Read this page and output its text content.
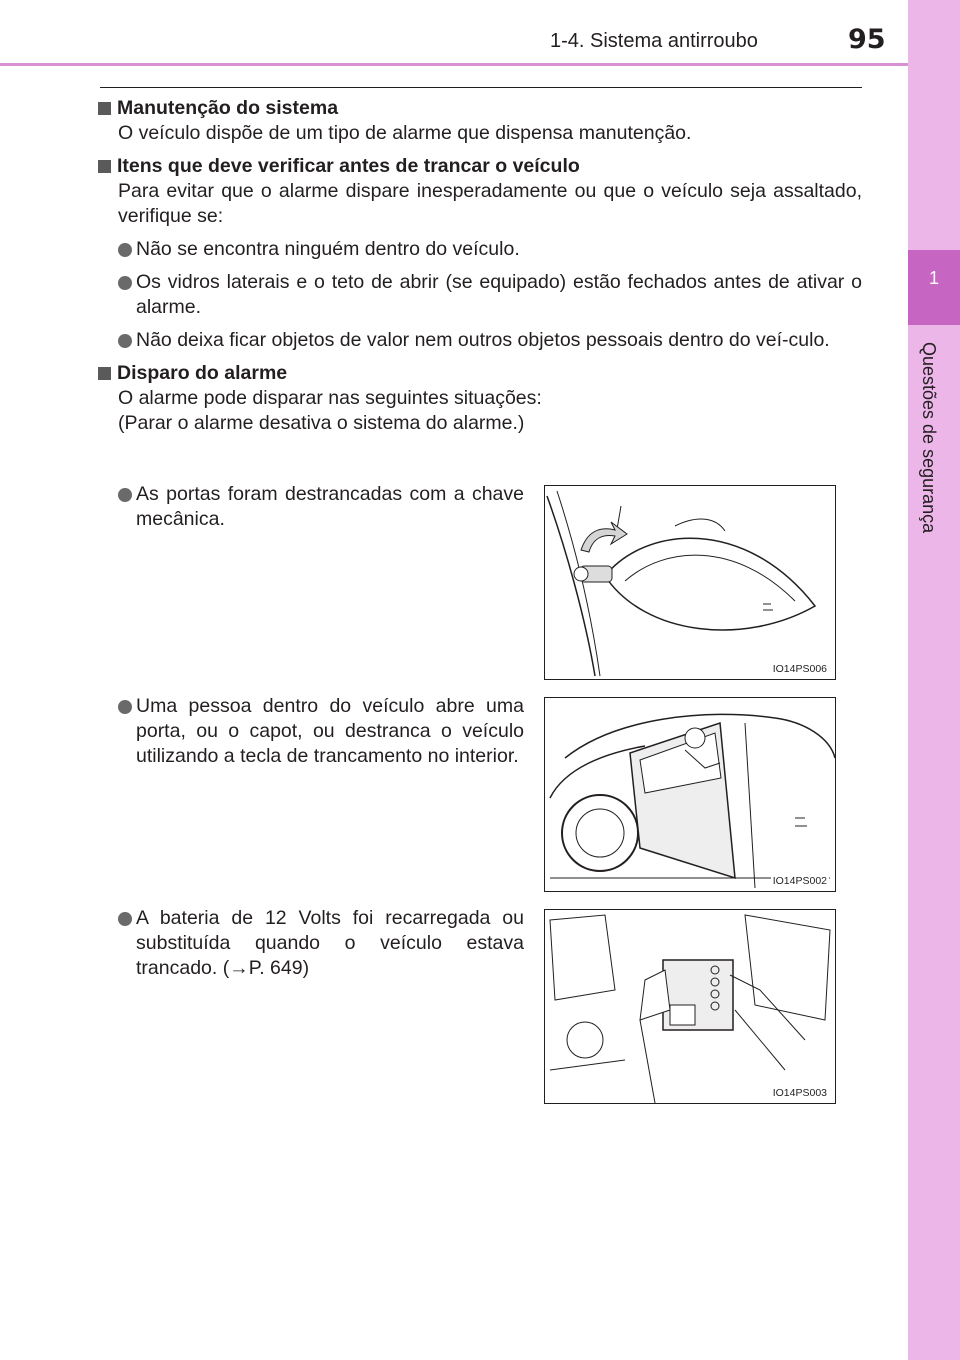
1-4. Sistema antirroubo	95
1
Questões de segurança
Manutenção do sistema
O veículo dispõe de um tipo de alarme que dispensa manutenção.
Itens que deve verificar antes de trancar o veículo
Para evitar que o alarme dispare inesperadamente ou que o veículo seja assaltado, verifique se:
Não se encontra ninguém dentro do veículo.
Os vidros laterais e o teto de abrir (se equipado) estão fechados antes de ativar o alarme.
Não deixa ficar objetos de valor nem outros objetos pessoais dentro do veí-culo.
Disparo do alarme
O alarme pode disparar nas seguintes situações:
(Parar o alarme desativa o sistema do alarme.)
As portas foram destrancadas com a chave mecânica.
IO14PS006
Uma pessoa dentro do veículo abre uma porta, ou o capot, ou destranca o veículo utilizando a tecla de trancamento no interior.
IO14PS002
A bateria de 12 Volts foi recarregada ou substituída quando o veículo estava trancado. (→P. 649)
IO14PS003
